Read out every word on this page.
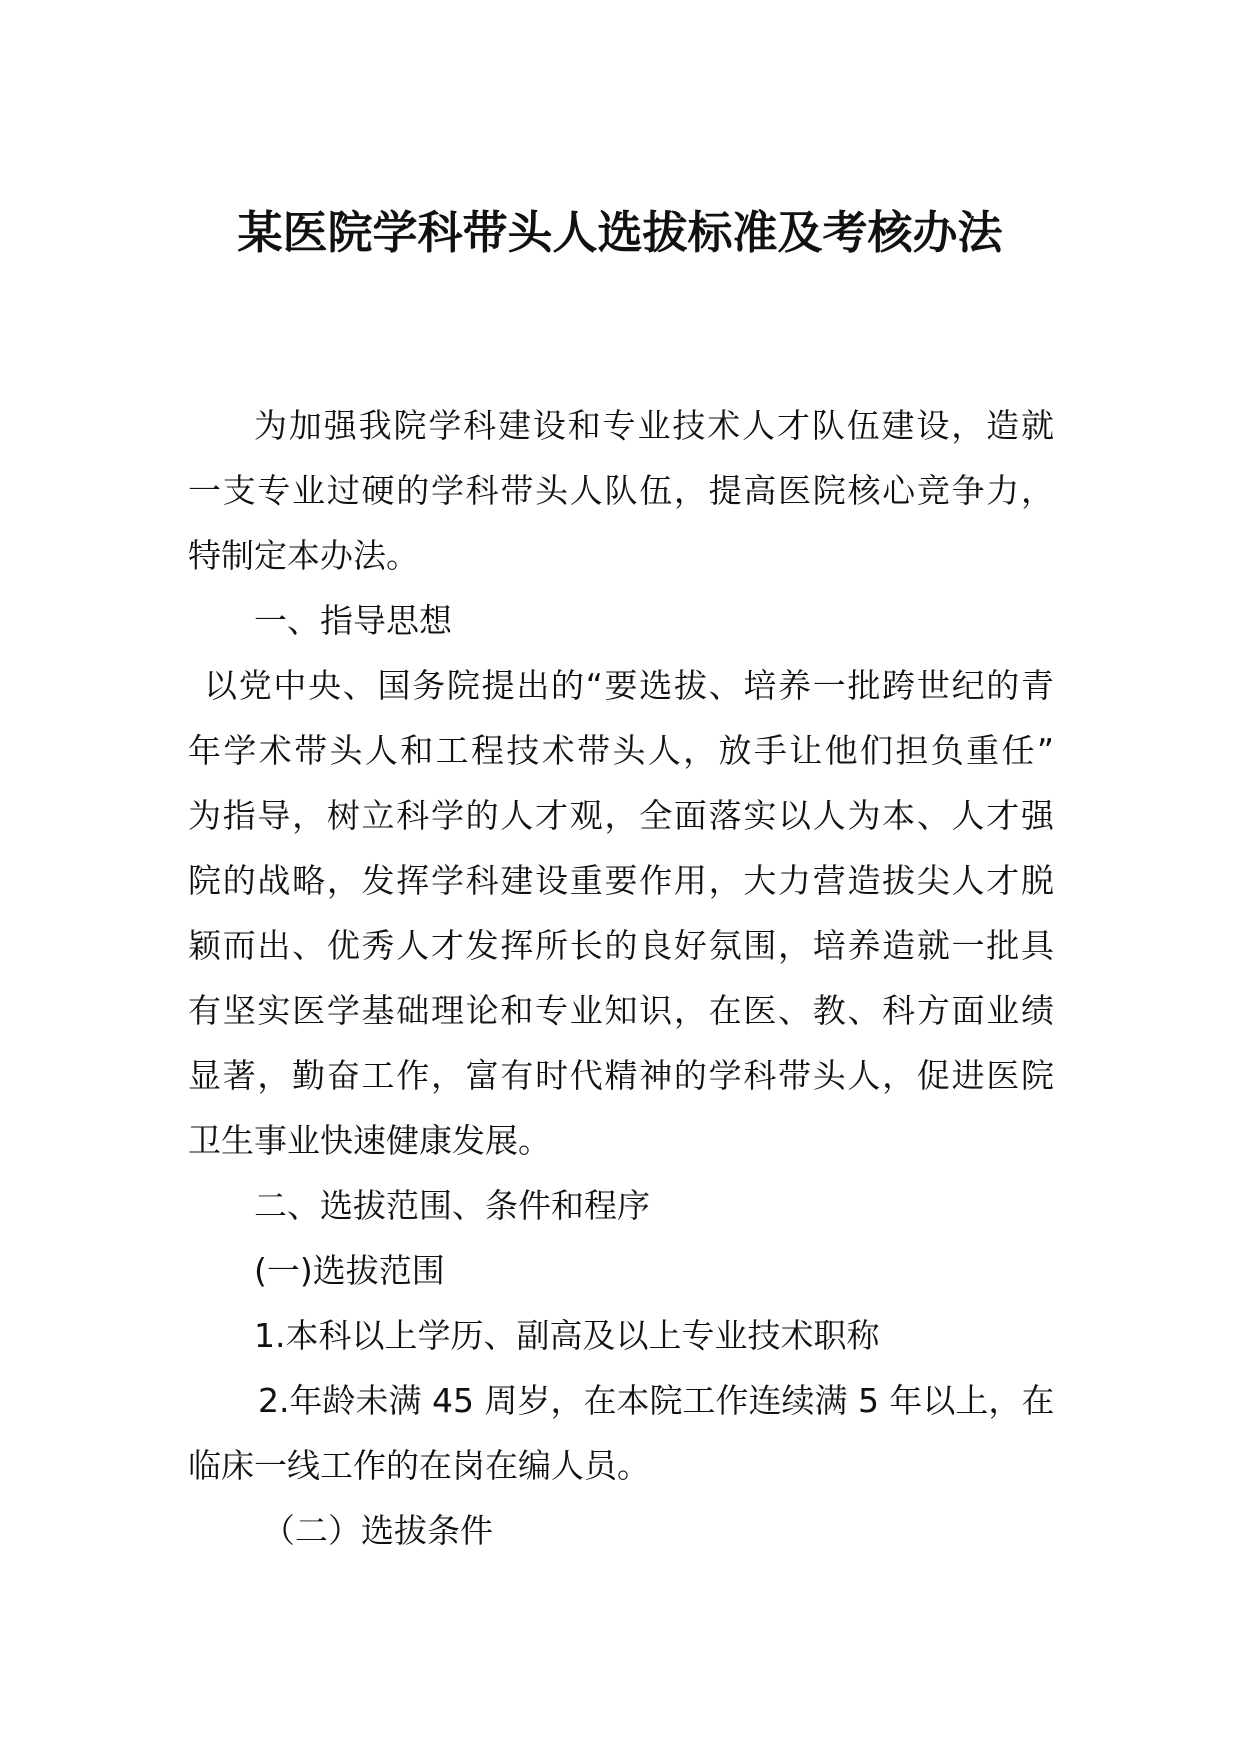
某医院学科带头人选拔标准及考核办法
为加强我院学科建设和专业技术人才队伍建设，造就
一支专业过硬的学科带头人队伍，提高医院核心竞争力，
特制定本办法。
一、指导思想
以党中央、国务院提出的“要选拔、培养一批跨世纪的青
年学术带头人和工程技术带头人，放手让他们担负重任”
为指导，树立科学的人才观，全面落实以人为本、人才强
院的战略，发挥学科建设重要作用，大力营造拔尖人才脱
颖而出、优秀人才发挥所长的良好氛围，培养造就一批具
有坚实医学基础理论和专业知识，在医、教、科方面业绩
显著，勤奋工作，富有时代精神的学科带头人，促进医院
卫生事业快速健康发展。
二、选拔范围、条件和程序
(一)选拔范围
1.本科以上学历、副高及以上专业技术职称
2.年龄未满 45 周岁，在本院工作连续满 5 年以上，在
临床一线工作的在岗在编人员。
（二）选拔条件
